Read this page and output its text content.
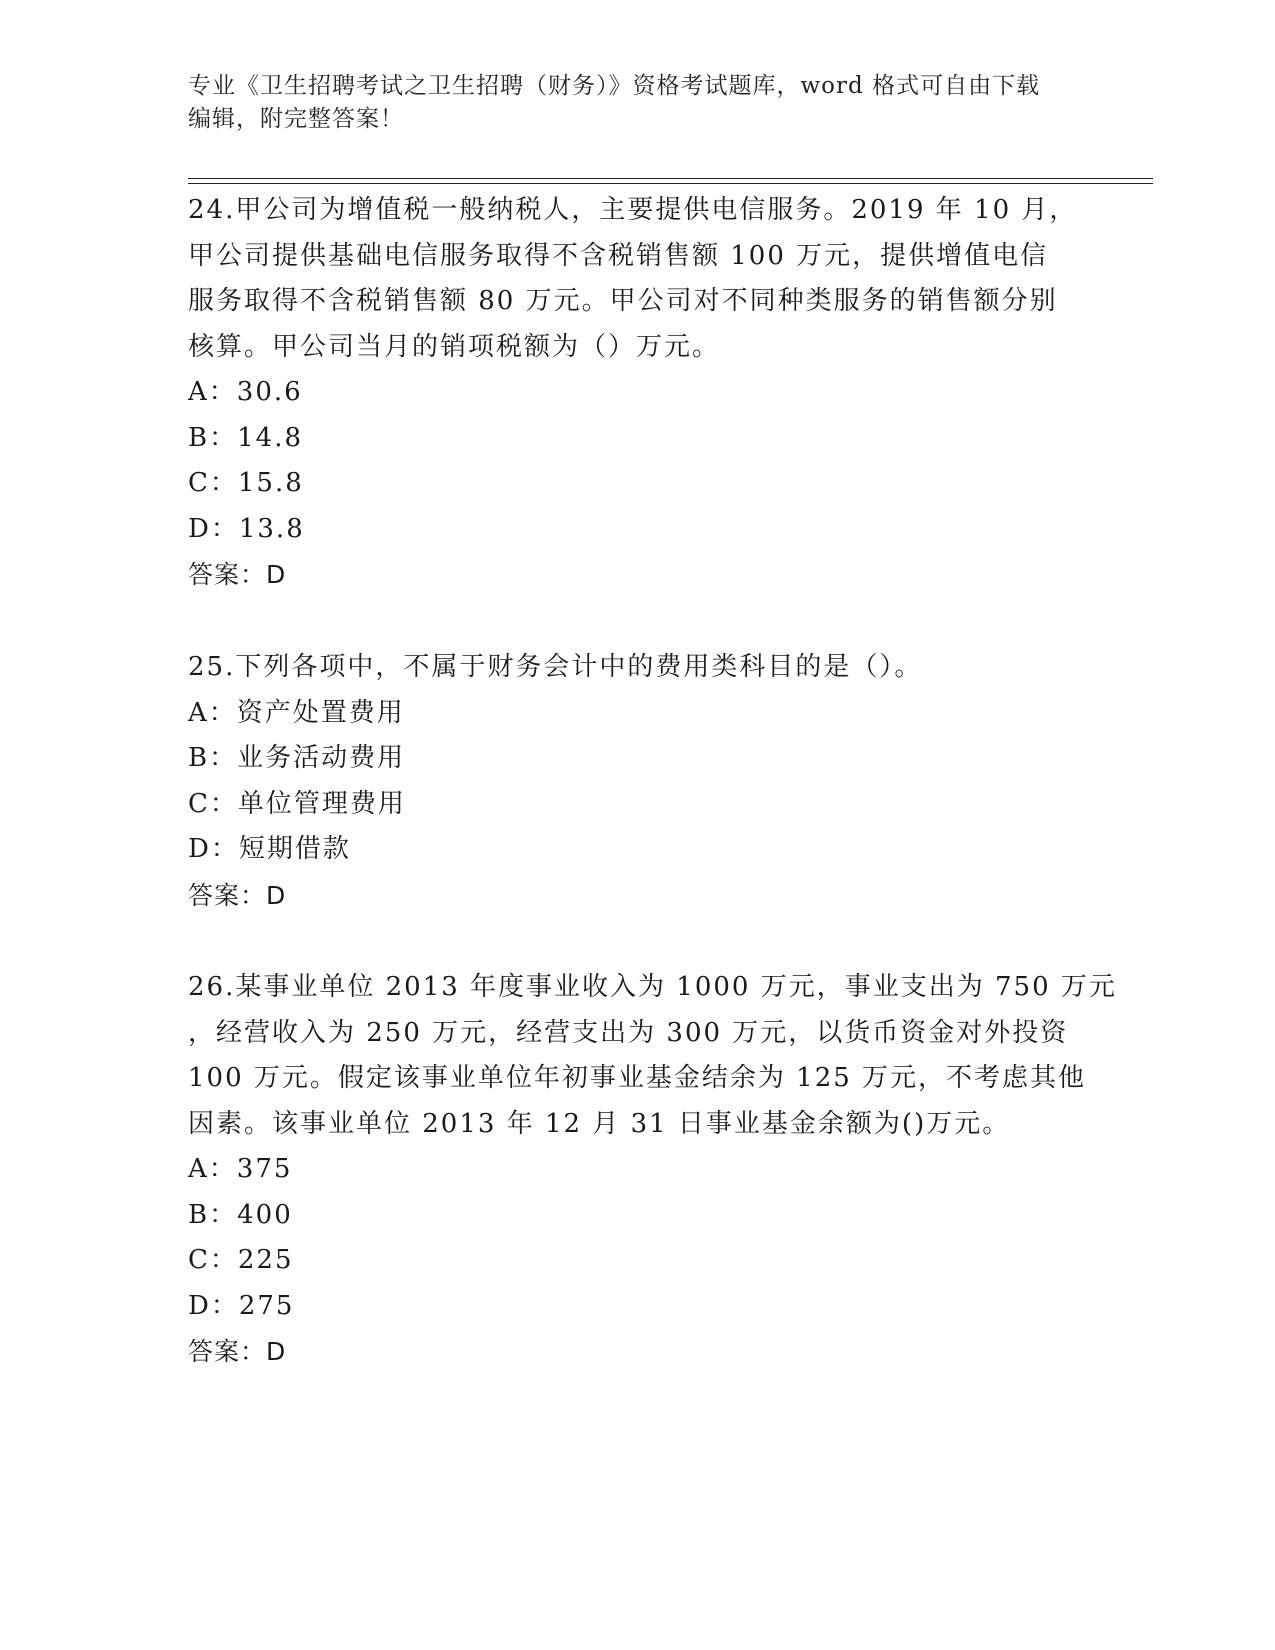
专业《卫生招聘考试之卫生招聘（财务）》资格考试题库，word 格式可自由下载
编辑，附完整答案！
24.甲公司为增值税一般纳税人，主要提供电信服务。2019 年 10 月，
甲公司提供基础电信服务取得不含税销售额 100 万元，提供增值电信
服务取得不含税销售额 80 万元。甲公司对不同种类服务的销售额分别
核算。甲公司当月的销项税额为（）万元。
A：30.6
B：14.8
C：15.8
D：13.8
答案：D
25.下列各项中，不属于财务会计中的费用类科目的是（）。
A：资产处置费用
B：业务活动费用
C：单位管理费用
D：短期借款
答案：D
26.某事业单位 2013 年度事业收入为 1000 万元，事业支出为 750 万元
，经营收入为 250 万元，经营支出为 300 万元，以货币资金对外投资
100 万元。假定该事业单位年初事业基金结余为 125 万元，不考虑其他
因素。该事业单位 2013 年 12 月 31 日事业基金余额为()万元。
A：375
B：400
C：225
D：275
答案：D
